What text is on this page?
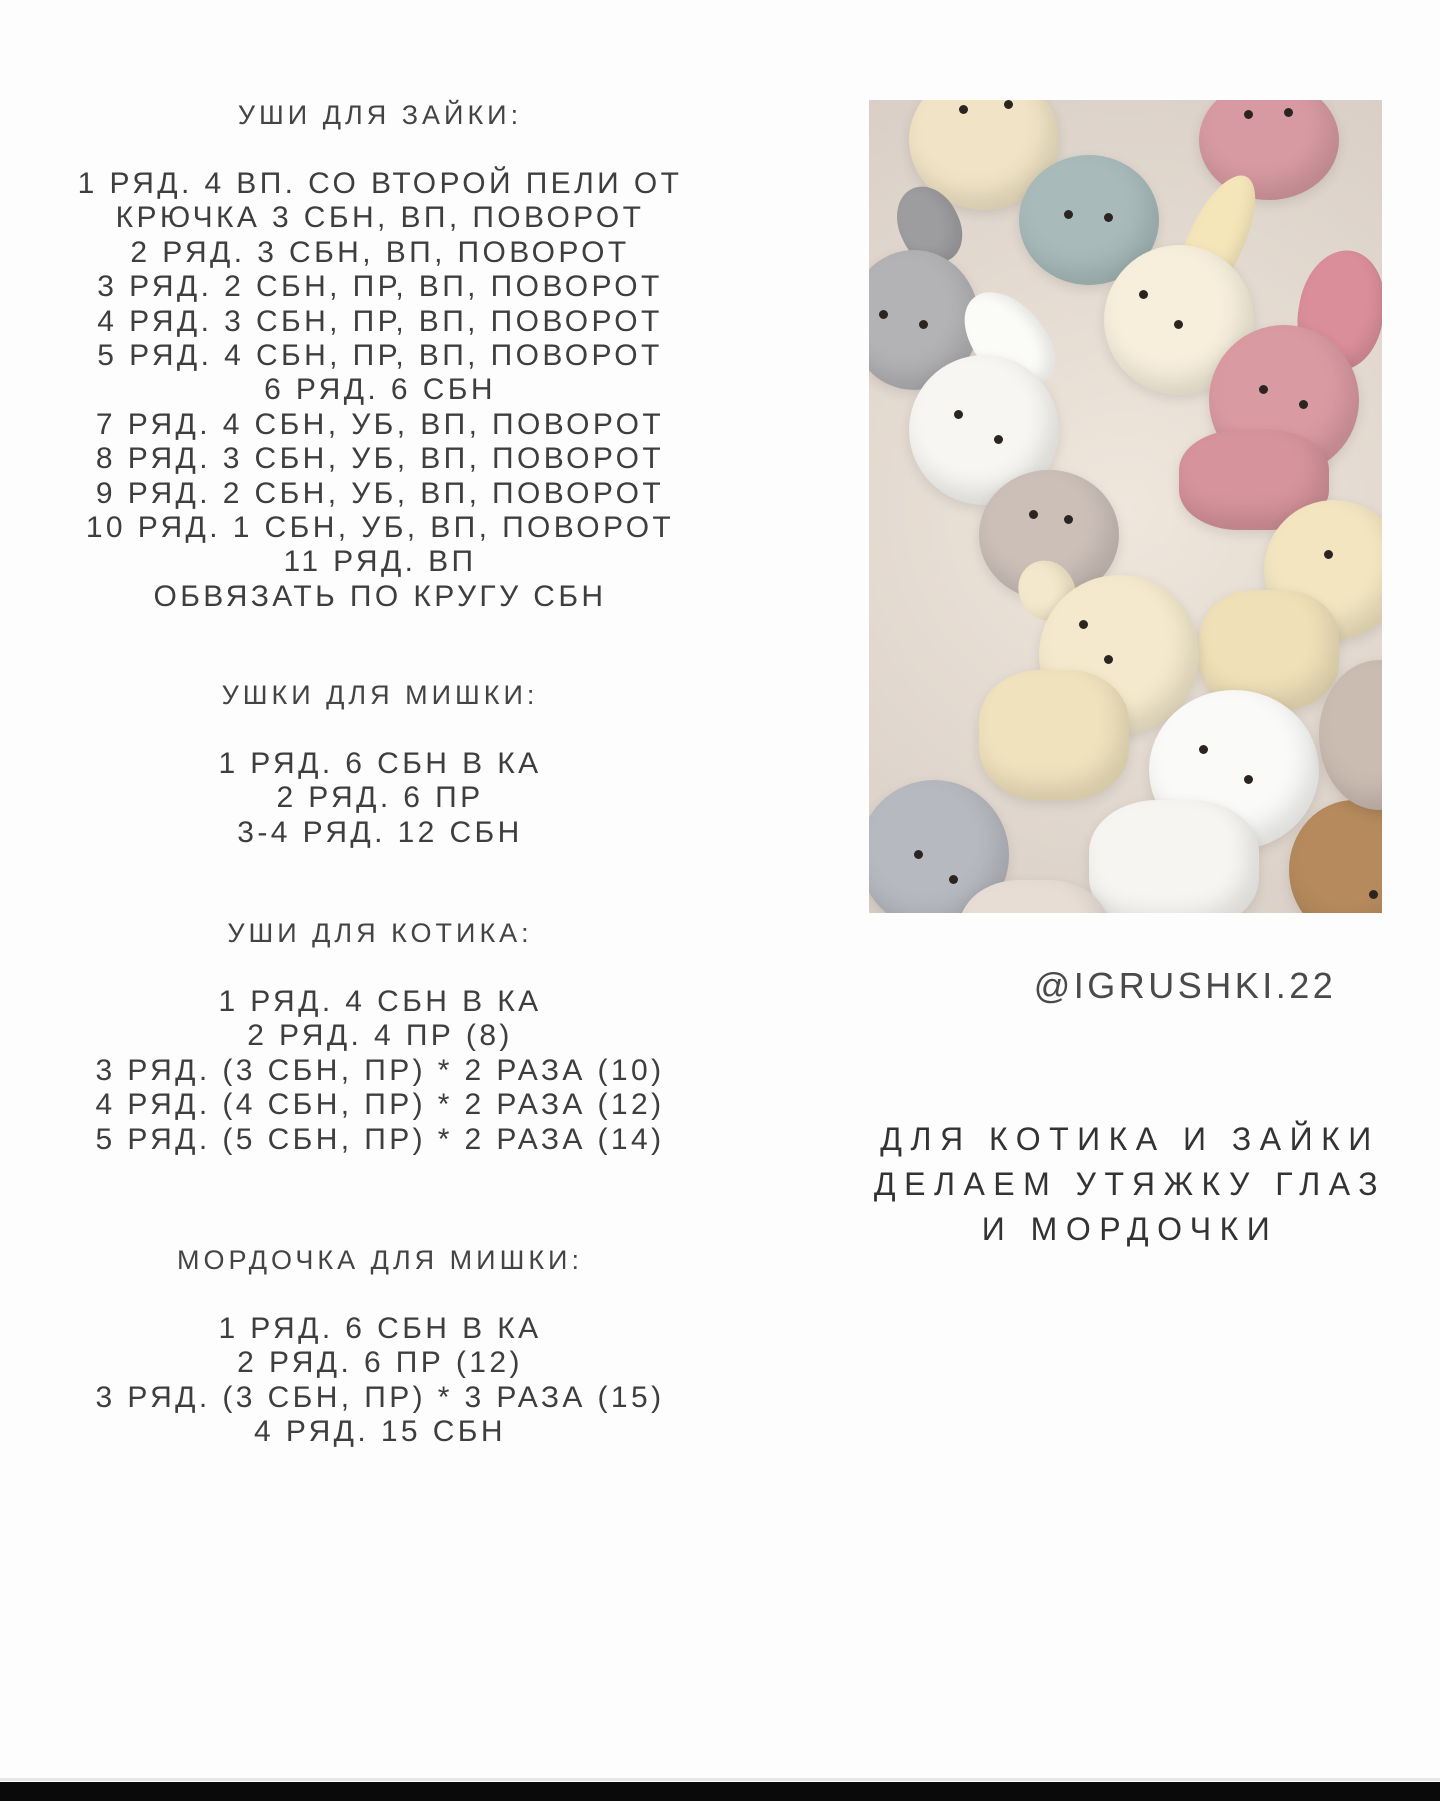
УШИ ДЛЯ ЗАЙКИ:
1 РЯД. 4 ВП. СО ВТОРОЙ ПЕЛИ ОТ
КРЮЧКА 3 СБН, ВП, ПОВОРОТ
2 РЯД. 3 СБН, ВП, ПОВОРОТ
3 РЯД. 2 СБН, ПР, ВП, ПОВОРОТ
4 РЯД. 3 СБН, ПР, ВП, ПОВОРОТ
5 РЯД. 4 СБН, ПР, ВП, ПОВОРОТ
6 РЯД. 6 СБН
7 РЯД. 4 СБН, УБ, ВП, ПОВОРОТ
8 РЯД. 3 СБН, УБ, ВП, ПОВОРОТ
9 РЯД. 2 СБН, УБ, ВП, ПОВОРОТ
10 РЯД. 1 СБН, УБ, ВП, ПОВОРОТ
11 РЯД. ВП
ОБВЯЗАТЬ ПО КРУГУ СБН
УШКИ ДЛЯ МИШКИ:
1 РЯД. 6 СБН В КА
2 РЯД. 6 ПР
3-4 РЯД. 12 СБН
УШИ ДЛЯ КОТИКА:
1 РЯД. 4 СБН В КА
2 РЯД. 4 ПР (8)
3 РЯД. (3 СБН, ПР) * 2 РАЗА (10)
4 РЯД. (4 СБН, ПР) * 2 РАЗА (12)
5 РЯД. (5 СБН, ПР) * 2 РАЗА (14)
МОРДОЧКА ДЛЯ МИШКИ:
1 РЯД. 6 СБН В КА
2 РЯД. 6 ПР (12)
3 РЯД. (3 СБН, ПР) * 3 РАЗА (15)
4 РЯД. 15 СБН
@IGRUSHKI.22
ДЛЯ КОТИКА И ЗАЙКИ
ДЕЛАЕМ УТЯЖКУ ГЛАЗ
И МОРДОЧКИ
